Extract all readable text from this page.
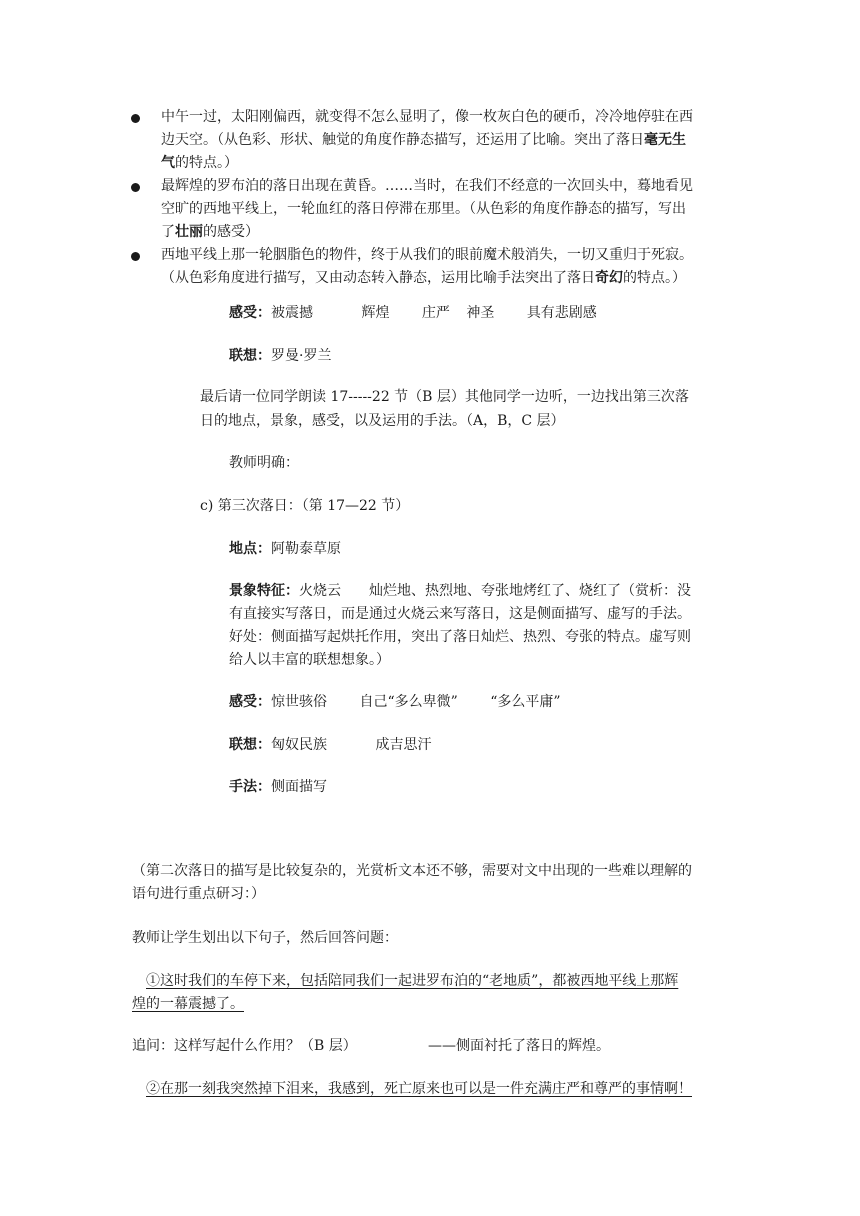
中午一过，太阳刚偏西，就变得不怎么显明了，像一枚灰白色的硬币，冷冷地停驻在西
边天空。（从色彩、形状、触觉的角度作静态描写，还运用了比喻。突出了落日毫无生
气的特点。）
最辉煌的罗布泊的落日出现在黄昏。……当时，在我们不经意的一次回头中，蓦地看见
空旷的西地平线上，一轮血红的落日停滞在那里。（从色彩的角度作静态的描写，写出
了壮丽的感受）
西地平线上那一轮胭脂色的物件，终于从我们的眼前魔术般消失，一切又重归于死寂。
（从色彩角度进行描写，又由动态转入静态，运用比喻手法突出了落日奇幻的特点。）
感受：被震撼	辉煌 庄严 神圣 具有悲剧感
联想：罗曼·罗兰
最后请一位同学朗读 17-----22 节（B 层）其他同学一边听，一边找出第三次落
日的地点，景象，感受，以及运用的手法。（A，B，C 层）
教师明确：
c) 第三次落日：（第 17—22 节）
地点：阿勒泰草原
景象特征：火烧云　　灿烂地、热烈地、夸张地烤红了、烧红了（赏析：没
有直接实写落日，而是通过火烧云来写落日，这是侧面描写、虚写的手法。
好处：侧面描写起烘托作用，突出了落日灿烂、热烈、夸张的特点。虚写则
给人以丰富的联想想象。）
感受：惊世骇俗 自己“多么卑微” “多么平庸”
联想：匈奴民族	成吉思汗
手法：侧面描写
（第二次落日的描写是比较复杂的，光赏析文本还不够，需要对文中出现的一些难以理解的
语句进行重点研习：）
教师让学生划出以下句子，然后回答问题：
①这时我们的车停下来，包括陪同我们一起进罗布泊的“老地质”，都被西地平线上那辉
煌的一幕震撼了。
追问：这样写起什么作用？（B 层）	——侧面衬托了落日的辉煌。
②在那一刻我突然掉下泪来，我感到，死亡原来也可以是一件充满庄严和尊严的事情啊！
